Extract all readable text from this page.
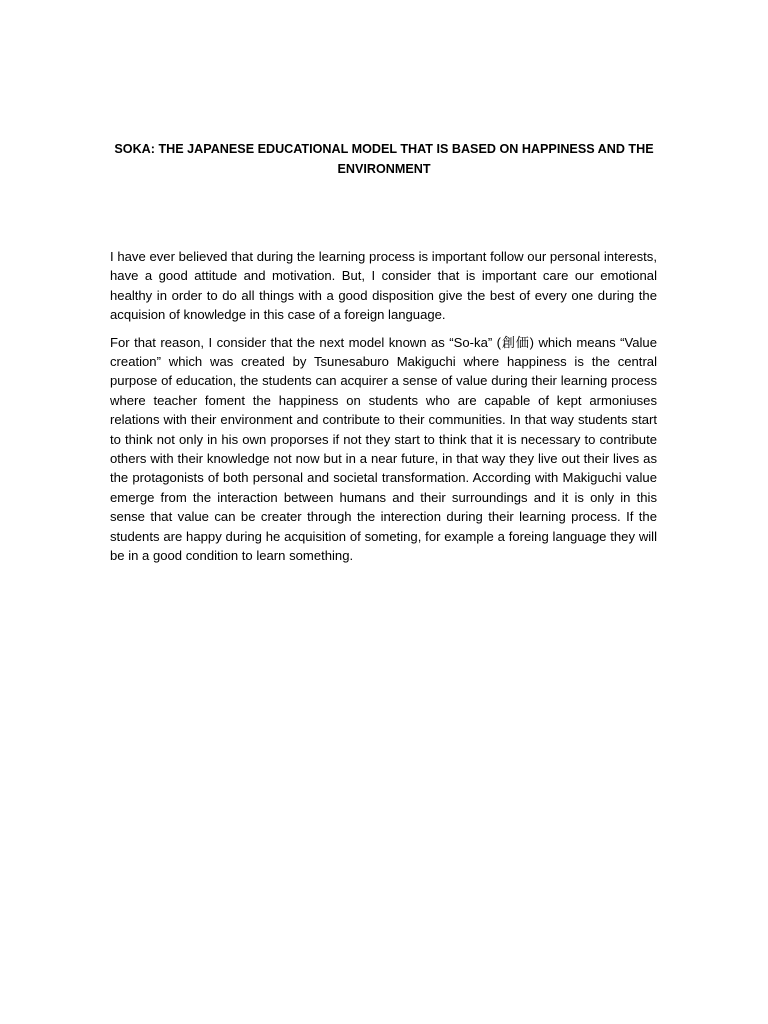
SOKA: THE JAPANESE EDUCATIONAL MODEL THAT IS BASED ON HAPPINESS AND THE ENVIRONMENT

I have ever believed that during the learning process is important follow our personal interests, have a good attitude and motivation. But, I consider that is important care our emotional healthy in order to do all things with a good disposition give the best of every one during the acquision of knowledge in this case of a foreign language.

For that reason, I consider that the next model known as “So-ka” (創価) which means “Value creation” which was created by Tsunesaburo Makiguchi where happiness is the central purpose of education, the students can acquirer a sense of value during their learning process where teacher foment the happiness on students who are capable of kept armoniuses relations with their environment and contribute to their communities. In that way students start to think not only in his own proporses if not they start to think that it is necessary to contribute others with their knowledge not now but in a near future, in that way they live out their lives as the protagonists of both personal and societal transformation. According with Makiguchi value emerge from the interaction between humans and their surroundings and it is only in this sense that value can be creater through the interection during their learning process. If the students are happy during he acquisition of someting, for example a foreing language they will be in a good condition to learn something.
